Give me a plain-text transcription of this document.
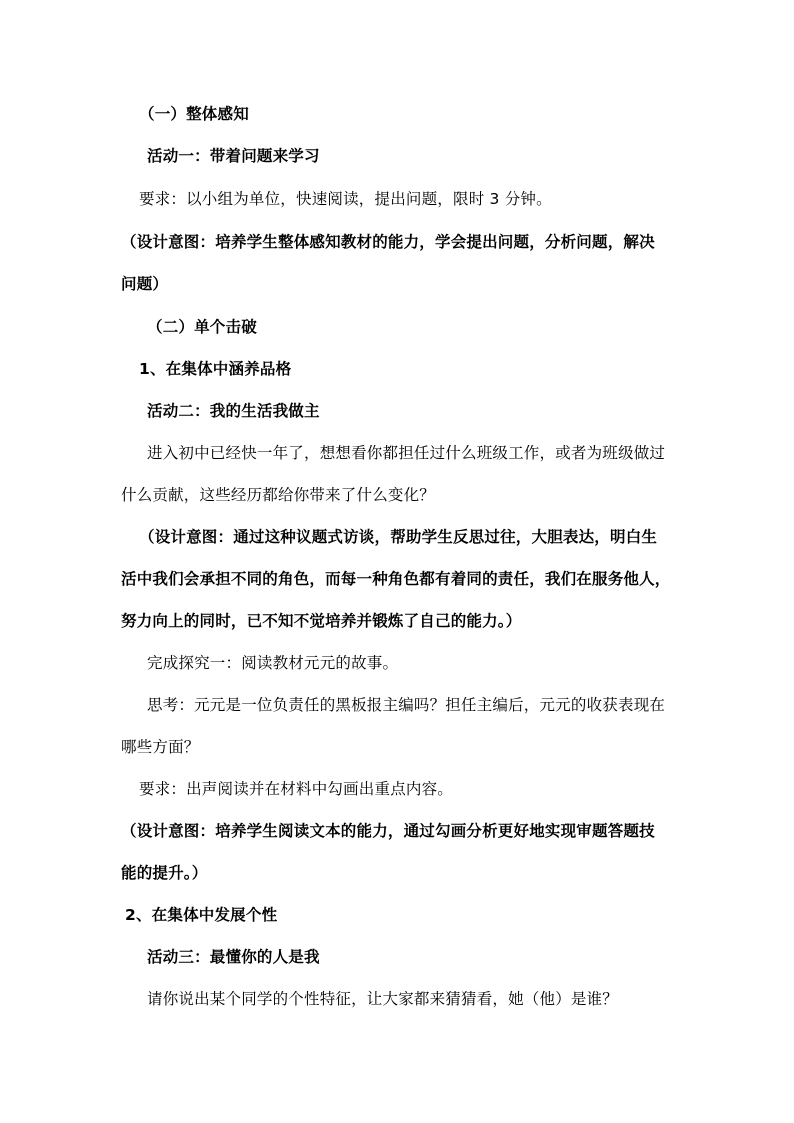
（一）整体感知
活动一：带着问题来学习
要求：以小组为单位，快速阅读，提出问题，限时 3 分钟。
（设计意图：培养学生整体感知教材的能力，学会提出问题，分析问题，解决
问题）
（二）单个击破
1、在集体中涵养品格
活动二：我的生活我做主
进入初中已经快一年了，想想看你都担任过什么班级工作，或者为班级做过
什么贡献，这些经历都给你带来了什么变化？
（设计意图：通过这种议题式访谈，帮助学生反思过往，大胆表达，明白生
活中我们会承担不同的角色，而每一种角色都有着同的责任，我们在服务他人，
努力向上的同时，已不知不觉培养并锻炼了自己的能力。）
完成探究一：阅读教材元元的故事。
思考：元元是一位负责任的黑板报主编吗？担任主编后，元元的收获表现在
哪些方面？
要求：出声阅读并在材料中勾画出重点内容。
（设计意图：培养学生阅读文本的能力，通过勾画分析更好地实现审题答题技
能的提升。）
2、在集体中发展个性
活动三：最懂你的人是我
请你说出某个同学的个性特征，让大家都来猜猜看，她（他）是谁？
